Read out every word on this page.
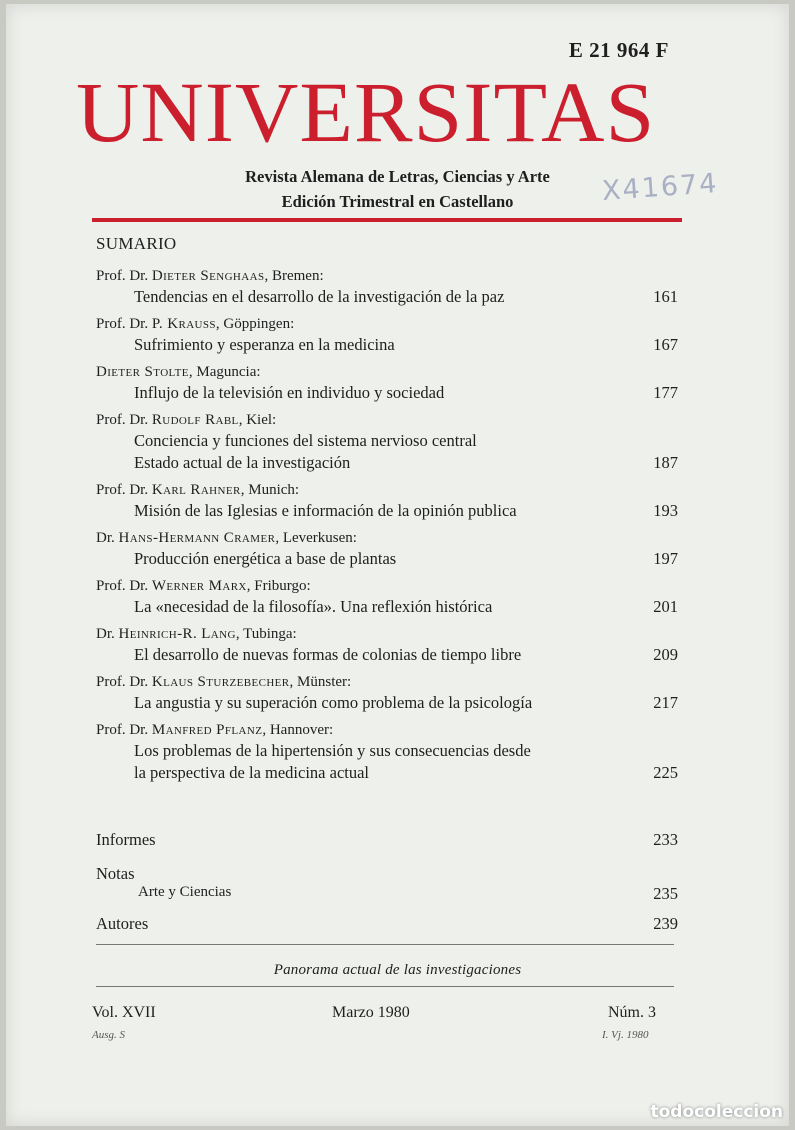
E 21 964 F
UNIVERSITAS
Revista Alemana de Letras, Ciencias y Arte
Edición Trimestral en Castellano	X41674
SUMARIO
Prof. Dr. Dieter Senghaas, Bremen:
Tendencias en el desarrollo de la investigación de la paz	161
Prof. Dr. P. Krauss, Göppingen:
Sufrimiento y esperanza en la medicina	167
Dieter Stolte, Maguncia:
Influjo de la televisión en individuo y sociedad	177
Prof. Dr. Rudolf Rabl, Kiel:
Conciencia y funciones del sistema nervioso central
Estado actual de la investigación	187
Prof. Dr. Karl Rahner, Munich:
Misión de las Iglesias e información de la opinión publica	193
Dr. Hans-Hermann Cramer, Leverkusen:
Producción energética a base de plantas	197
Prof. Dr. Werner Marx, Friburgo:
La «necesidad de la filosofía». Una reflexión histórica	201
Dr. Heinrich-R. Lang, Tubinga:
El desarrollo de nuevas formas de colonias de tiempo libre	209
Prof. Dr. Klaus Sturzebecher, Münster:
La angustia y su superación como problema de la psicología	217
Prof. Dr. Manfred Pflanz, Hannover:
Los problemas de la hipertensión y sus consecuencias desde
la perspectiva de la medicina actual	225
Informes	233
Notas
Arte y Ciencias	235
Autores	239
Panorama actual de las investigaciones
Vol. XVII	Marzo 1980	Núm. 3
Ausg. S	I. Vj. 1980
todocoleccion
